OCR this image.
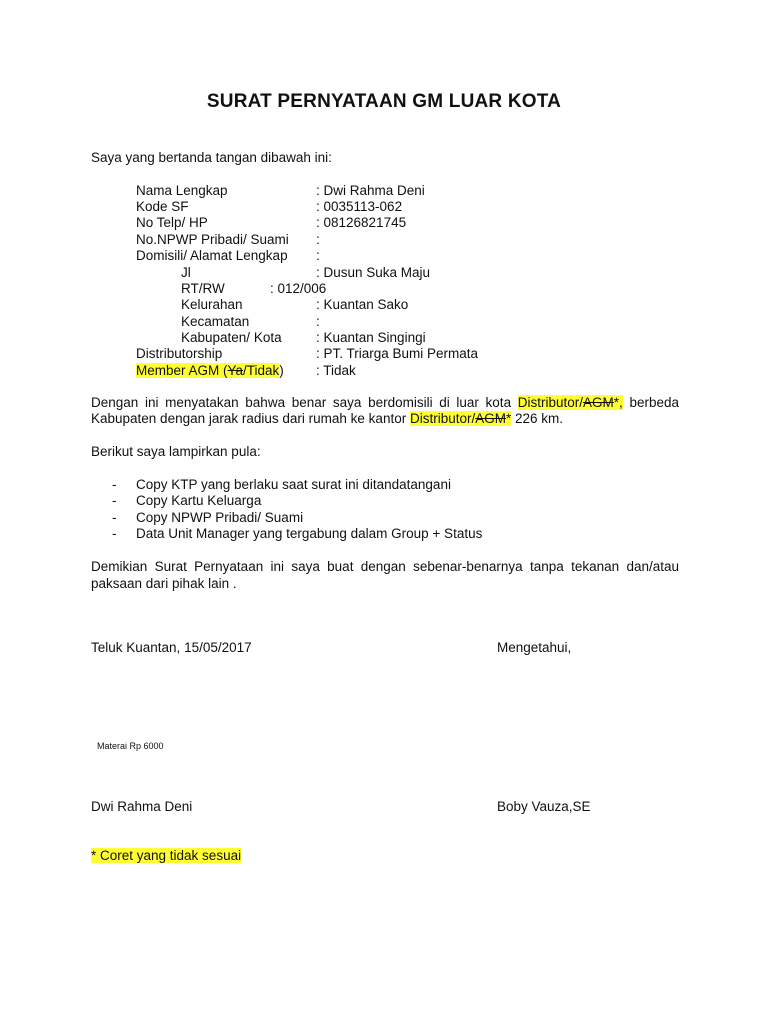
SURAT PERNYATAAN GM LUAR KOTA
Saya yang bertanda tangan dibawah ini:
Nama Lengkap	: Dwi Rahma Deni
Kode SF	: 0035113-062
No Telp/ HP	: 08126821745
No.NPWP Pribadi/ Suami :
Domisili/ Alamat Lengkap :
Jl	: Dusun Suka Maju
RT/RW	: 012/006
Kelurahan	: Kuantan Sako
Kecamatan	:
Kabupaten/ Kota	: Kuantan Singingi
Distributorship	: PT. Triarga Bumi Permata
Member AGM (Ya/Tidak) : Tidak
Dengan ini menyatakan bahwa benar saya berdomisili di luar kota Distributor/AGM*, berbeda
Kabupaten dengan jarak radius dari rumah ke kantor Distributor/AGM* 226 km.
Berikut saya lampirkan pula:
- Copy KTP yang berlaku saat surat ini ditandatangani
- Copy Kartu Keluarga
- Copy NPWP Pribadi/ Suami
- Data Unit Manager yang tergabung dalam Group + Status
Demikian Surat Pernyataan ini saya buat dengan sebenar-benarnya tanpa tekanan dan/atau
paksaan dari pihak lain .
Teluk Kuantan, 15/05/2017	Mengetahui,
Materai Rp 6000
Dwi Rahma Deni	Boby Vauza,SE
* Coret yang tidak sesuai
